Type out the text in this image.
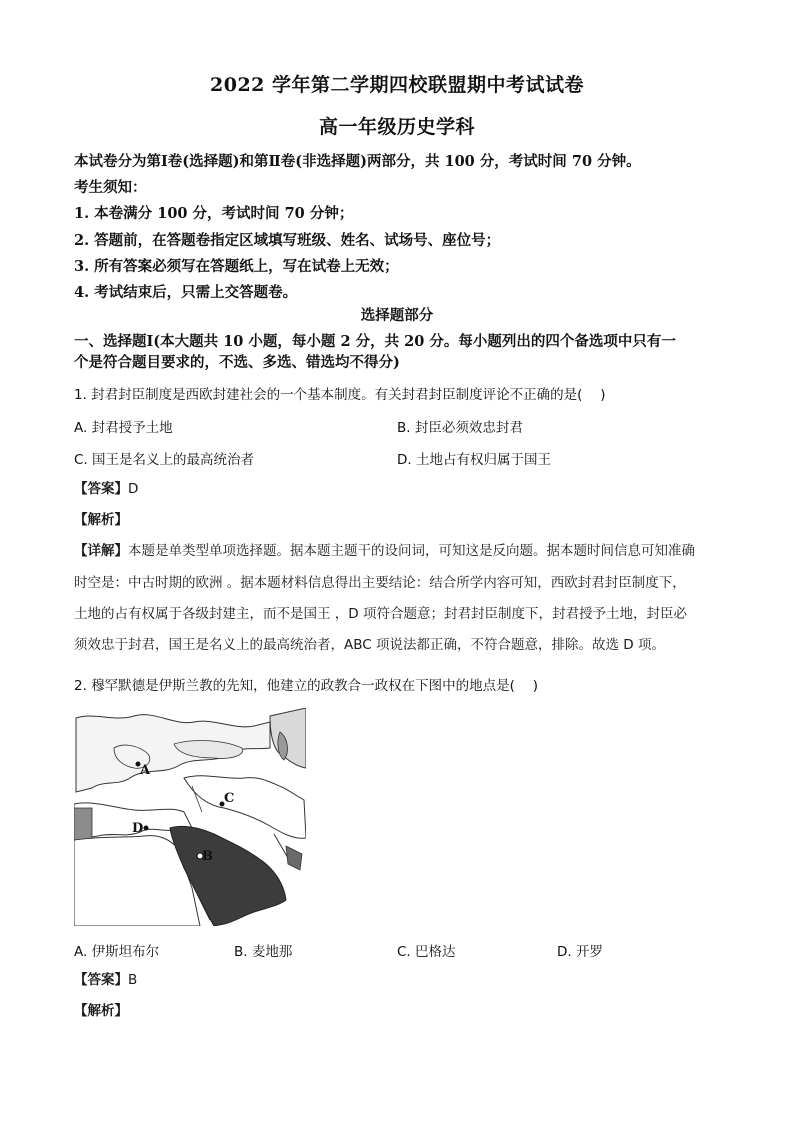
2022 学年第二学期四校联盟期中考试试卷
高一年级历史学科
本试卷分为第Ⅰ卷(选择题)和第Ⅱ卷(非选择题)两部分，共 100 分，考试时间 70 分钟。
考生须知：
1. 本卷满分 100 分，考试时间 70 分钟；
2. 答题前，在答题卷指定区域填写班级、姓名、试场号、座位号；
3. 所有答案必须写在答题纸上，写在试卷上无效；
4. 考试结束后，只需上交答题卷。
选择题部分
一、选择题Ⅰ(本大题共 10 小题，每小题 2 分，共 20 分。每小题列出的四个备选项中只有一
个是符合题目要求的，不选、多选、错选均不得分)
1. 封君封臣制度是西欧封建社会的一个基本制度。有关封君封臣制度评论不正确的是(　 )
A. 封君授予土地	B. 封臣必须效忠封君
C. 国王是名义上的最高统治者	D. 土地占有权归属于国王
【答案】D
【解析】
【详解】本题是单类型单项选择题。据本题主题干的设问词，可知这是反向题。据本题时间信息可知准确
时空是：中古时期的欧洲 。据本题材料信息得出主要结论：结合所学内容可知，西欧封君封臣制度下，
土地的占有权属于各级封建主，而不是国王 ，D 项符合题意；封君封臣制度下，封君授予土地，封臣必
须效忠于封君，国王是名义上的最高统治者，ABC 项说法都正确，不符合题意，排除。故选 D 项。
2. 穆罕默德是伊斯兰教的先知，他建立的政教合一政权在下图中的地点是(　 )
A
B
C
D
A. 伊斯坦布尔	B. 麦地那	C. 巴格达	D. 开罗
【答案】B
【解析】
